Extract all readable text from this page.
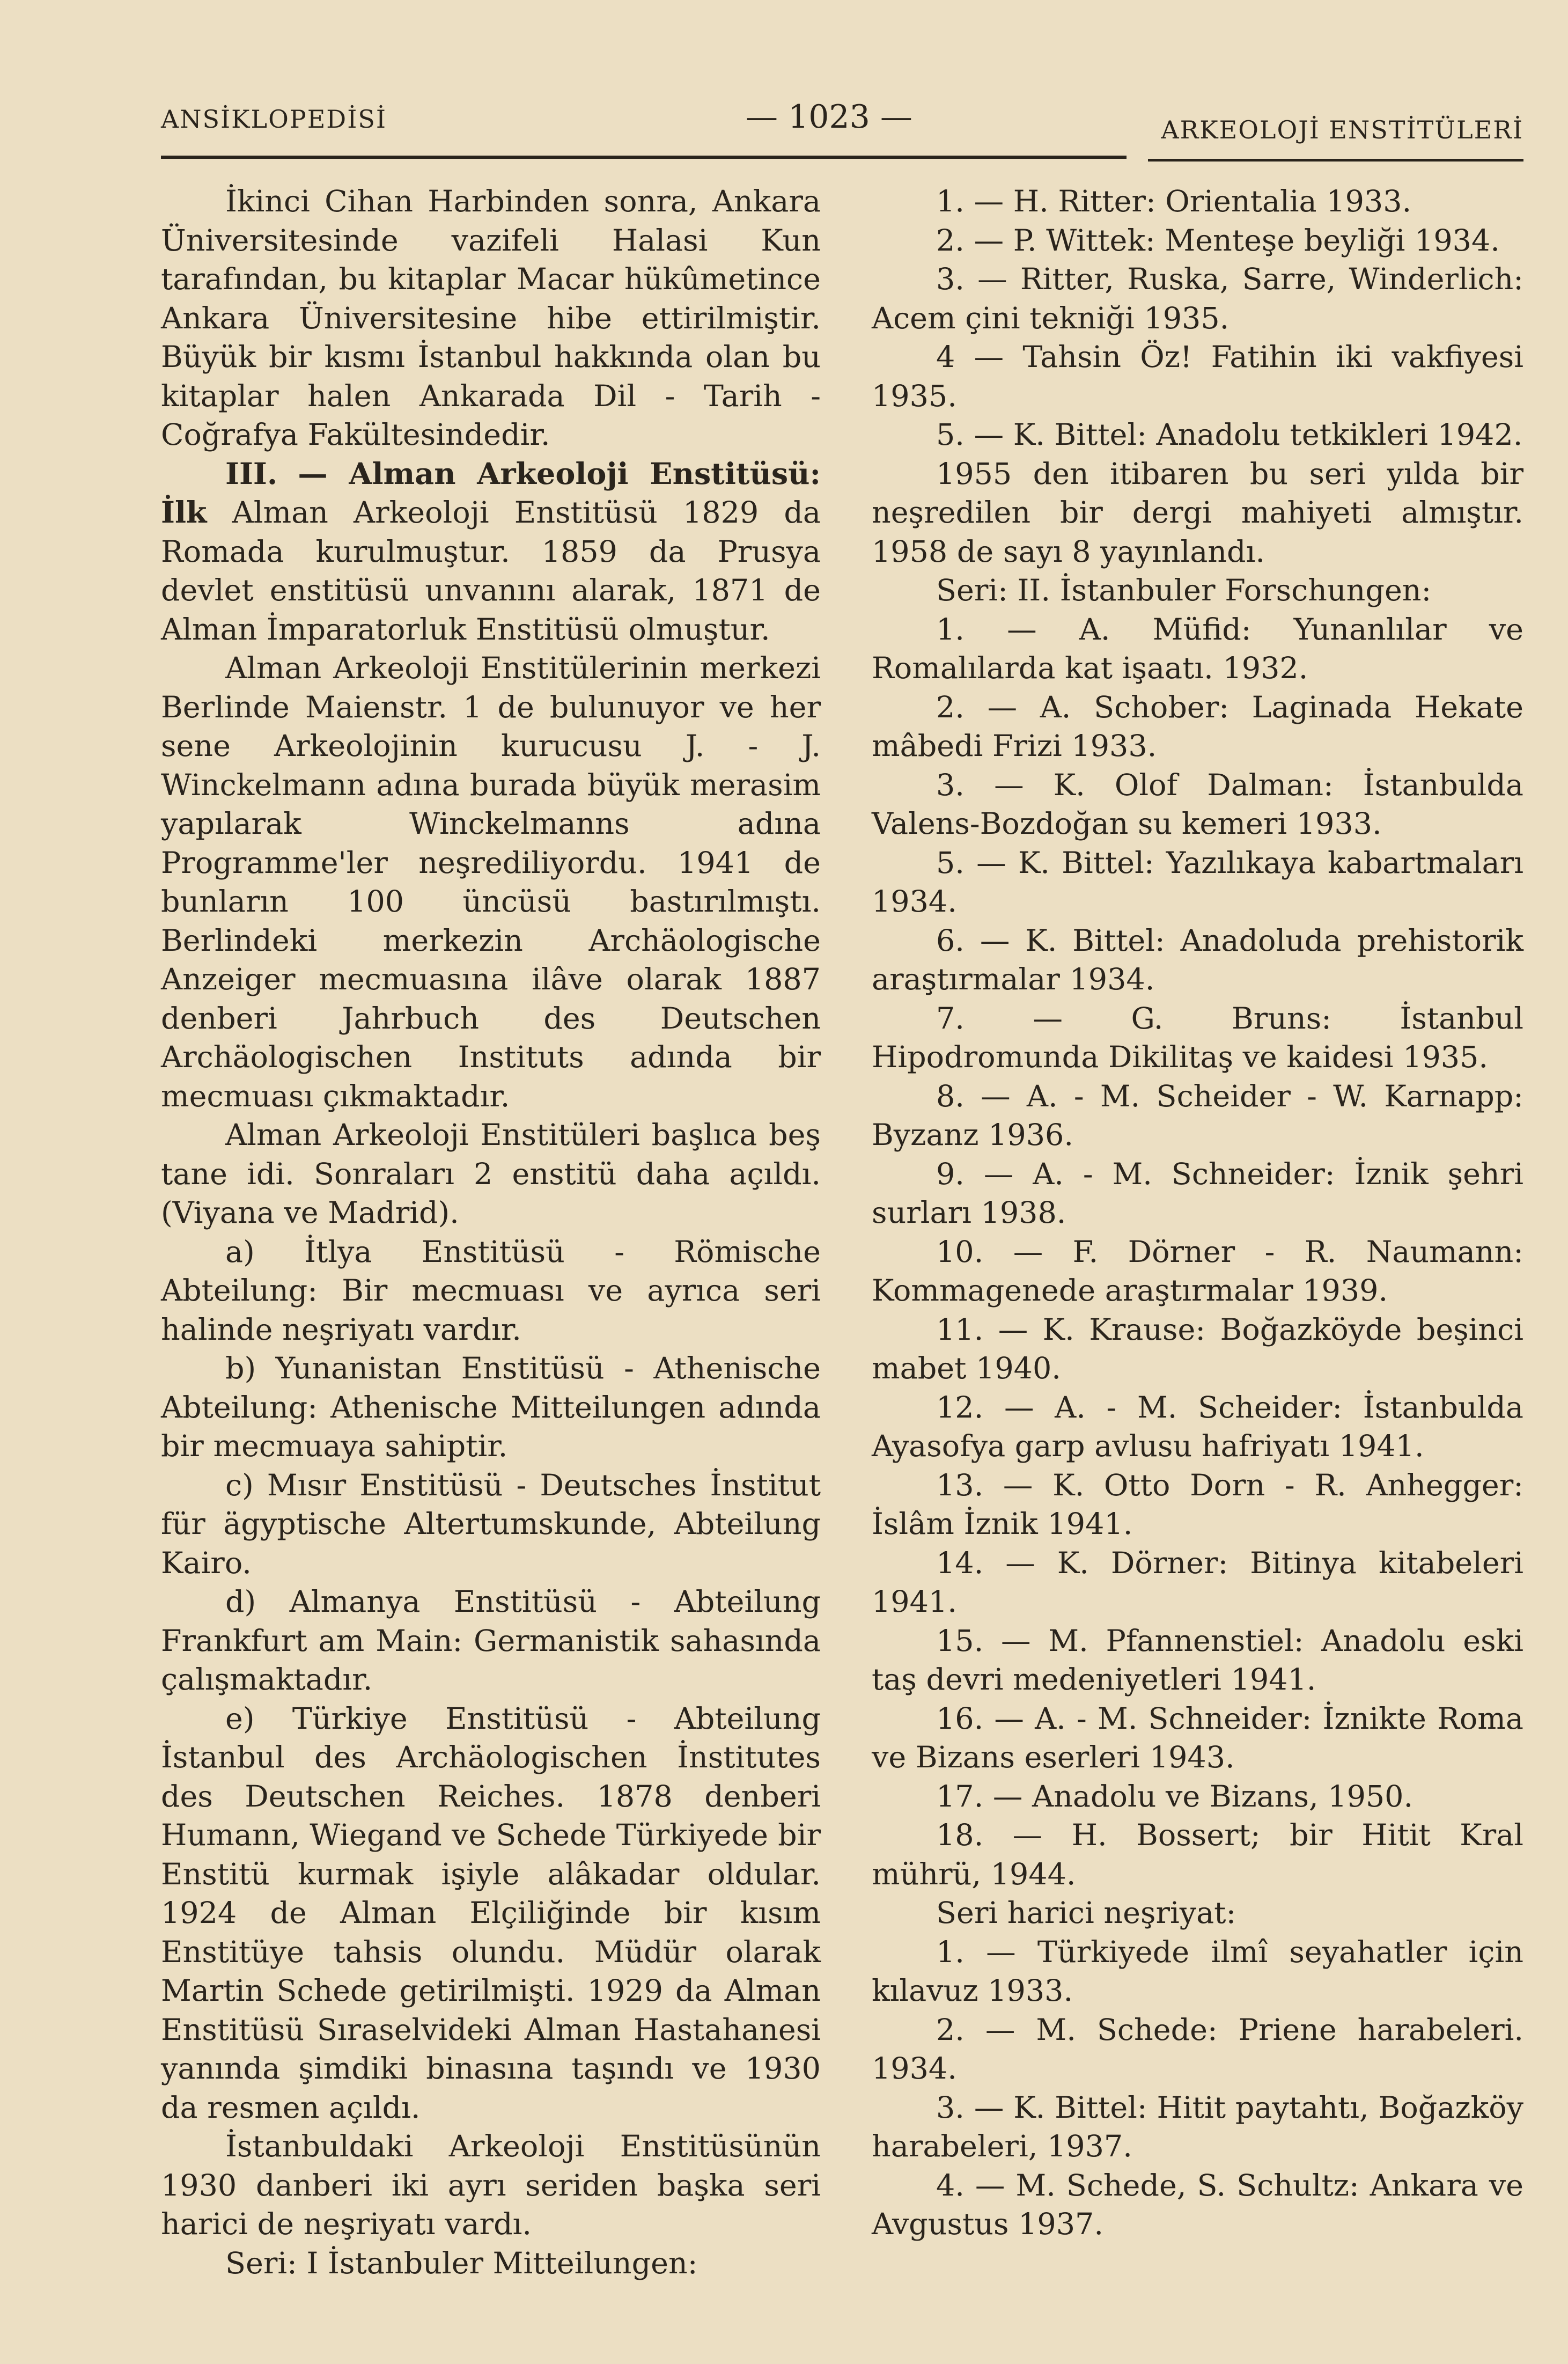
ANSİKLOPEDİSİ	— 1023 —	ARKEOLOJİ ENSTİTÜLERİ

İkinci Cihan Harbinden sonra, Ankara Üniversitesinde vazifeli Halasi Kun tarafından, bu kitaplar Macar hükûmetince Ankara Üniversitesine hibe ettirilmiştir. Büyük bir kısmı İstanbul hakkında olan bu kitaplar halen Ankarada Dil - Tarih - Coğrafya Fakültesindedir.

III. — Alman Arkeoloji Enstitüsü: İlk Alman Arkeoloji Enstitüsü 1829 da Romada kurulmuştur. 1859 da Prusya devlet enstitüsü unvanını alarak, 1871 de Alman İmparatorluk Enstitüsü olmuştur.

Alman Arkeoloji Enstitülerinin merkezi Berlinde Maienstr. 1 de bulunuyor ve her sene Arkeolojinin kurucusu J. - J. Winckelmann adına burada büyük merasim yapılarak Winckelmanns adına Programme'ler neşrediliyordu. 1941 de bunların 100 üncüsü bastırılmıştı. Berlindeki merkezin Archäologische Anzeiger mecmuasına ilâve olarak 1887 denberi Jahrbuch des Deutschen Archäologischen Instituts adında bir mecmuası çıkmaktadır.

Alman Arkeoloji Enstitüleri başlıca beş tane idi. Sonraları 2 enstitü daha açıldı. (Viyana ve Madrid).

a) İtlya Enstitüsü - Römische Abteilung: Bir mecmuası ve ayrıca seri halinde neşriyatı vardır.

b) Yunanistan Enstitüsü - Athenische Abteilung: Athenische Mitteilungen adında bir mecmuaya sahiptir.

c) Mısır Enstitüsü - Deutsches İnstitut für ägyptische Altertumskunde, Abteilung Kairo.

d) Almanya Enstitüsü - Abteilung Frankfurt am Main: Germanistik sahasında çalışmaktadır.

e) Türkiye Enstitüsü - Abteilung İstanbul des Archäologischen İnstitutes des Deutschen Reiches. 1878 denberi Humann, Wiegand ve Schede Türkiyede bir Enstitü kurmak işiyle alâkadar oldular. 1924 de Alman Elçiliğinde bir kısım Enstitüye tahsis olundu. Müdür olarak Martin Schede getirilmişti. 1929 da Alman Enstitüsü Sıraselvideki Alman Hastahanesi yanında şimdiki binasına taşındı ve 1930 da resmen açıldı.

İstanbuldaki Arkeoloji Enstitüsünün 1930 danberi iki ayrı seriden başka seri harici de neşriyatı vardı.

Seri: I İstanbuler Mitteilungen:

1. — H. Ritter: Orientalia 1933.

2. — P. Wittek: Menteşe beyliği 1934.

3. — Ritter, Ruska, Sarre, Winderlich: Acem çini tekniği 1935.

4 — Tahsin Öz! Fatihin iki vakfiyesi 1935.

5. — K. Bittel: Anadolu tetkikleri 1942.

1955 den itibaren bu seri yılda bir neşredilen bir dergi mahiyeti almıştır. 1958 de sayı 8 yayınlandı.

Seri: II. İstanbuler Forschungen:

1. — A. Müfid: Yunanlılar ve Romalılarda kat işaatı. 1932.

2. — A. Schober: Laginada Hekate mâbedi Frizi 1933.

3. — K. Olof Dalman: İstanbulda Valens-Bozdoğan su kemeri 1933.

5. — K. Bittel: Yazılıkaya kabartmaları 1934.

6. — K. Bittel: Anadoluda prehistorik araştırmalar 1934.

7. — G. Bruns: İstanbul Hipodromunda Dikilitaş ve kaidesi 1935.

8. — A. - M. Scheider - W. Karnapp: Byzanz 1936.

9. — A. - M. Schneider: İznik şehri surları 1938.

10. — F. Dörner - R. Naumann: Kommagenede araştırmalar 1939.

11. — K. Krause: Boğazköyde beşinci mabet 1940.

12. — A. - M. Scheider: İstanbulda Ayasofya garp avlusu hafriyatı 1941.

13. — K. Otto Dorn - R. Anhegger: İslâm İznik 1941.

14. — K. Dörner: Bitinya kitabeleri 1941.

15. — M. Pfannenstiel: Anadolu eski taş devri medeniyetleri 1941.

16. — A. - M. Schneider: İznikte Roma ve Bizans eserleri 1943.

17. — Anadolu ve Bizans, 1950.

18. — H. Bossert; bir Hitit Kral mührü, 1944.

Seri harici neşriyat:

1. — Türkiyede ilmî seyahatler için kılavuz 1933.

2. — M. Schede: Priene harabeleri. 1934.

3. — K. Bittel: Hitit paytahtı, Boğazköy harabeleri, 1937.

4. — M. Schede, S. Schultz: Ankara ve Avgustus 1937.
